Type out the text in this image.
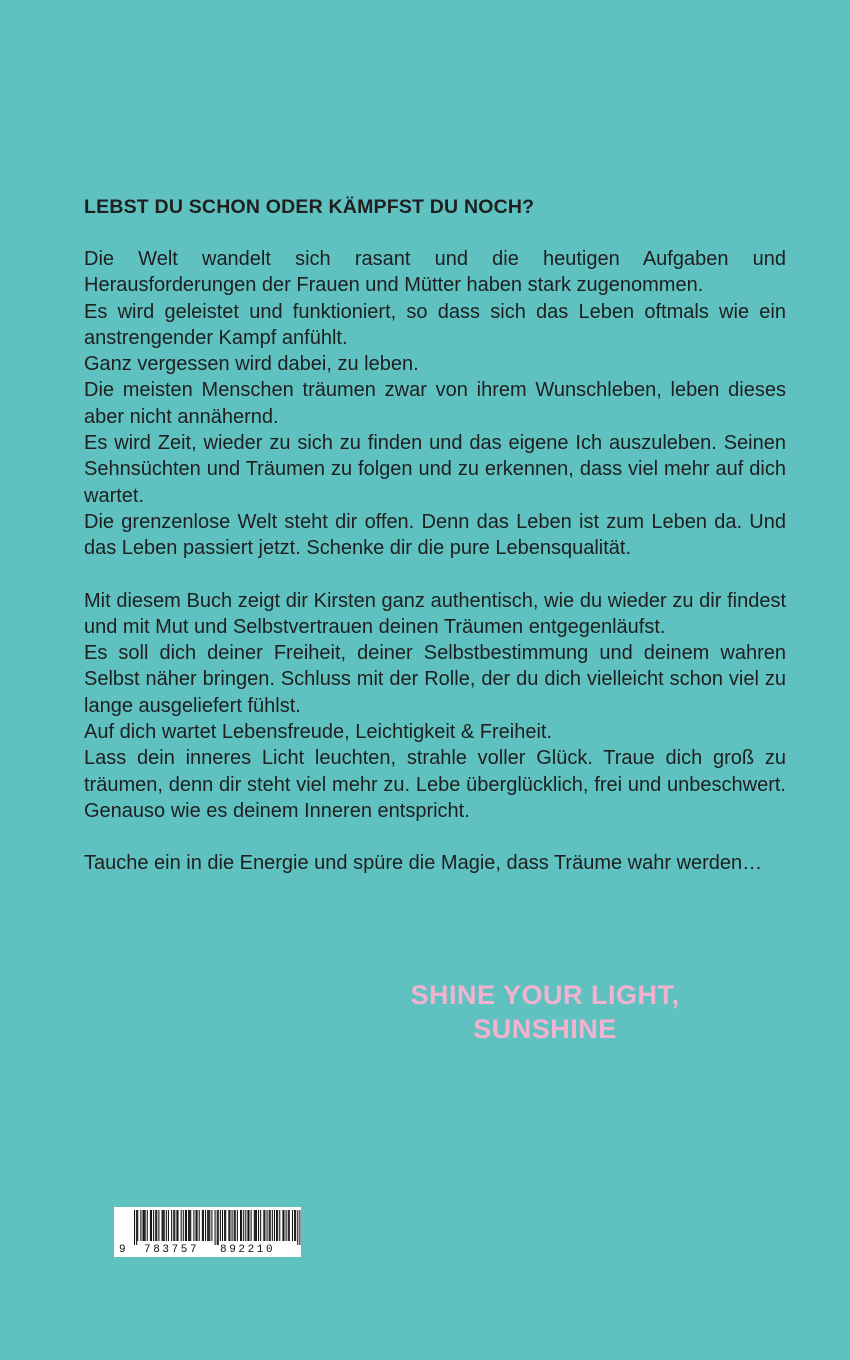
LEBST DU SCHON ODER KÄMPFST DU NOCH?
Die Welt wandelt sich rasant und die heutigen Aufgaben und Herausforderungen der Frauen und Mütter haben stark zugenommen.
Es wird geleistet und funktioniert, so dass sich das Leben oftmals wie ein anstrengender Kampf anfühlt.
Ganz vergessen wird dabei, zu leben.
Die meisten Menschen träumen zwar von ihrem Wunschleben, leben dieses aber nicht annähernd.
Es wird Zeit, wieder zu sich zu finden und das eigene Ich auszuleben. Seinen Sehnsüchten und Träumen zu folgen und zu erkennen, dass viel mehr auf dich wartet.
Die grenzenlose Welt steht dir offen. Denn das Leben ist zum Leben da. Und das Leben passiert jetzt. Schenke dir die pure Lebensqualität.
Mit diesem Buch zeigt dir Kirsten ganz authentisch, wie du wieder zu dir findest und mit Mut und Selbstvertrauen deinen Träumen entgegenläufst.
Es soll dich deiner Freiheit, deiner Selbstbestimmung und deinem wahren Selbst näher bringen. Schluss mit der Rolle, der du dich vielleicht schon viel zu lange ausgeliefert fühlst.
Auf dich wartet Lebensfreude, Leichtigkeit & Freiheit.
Lass dein inneres Licht leuchten, strahle voller Glück. Traue dich groß zu träumen, denn dir steht viel mehr zu. Lebe überglücklich, frei und unbeschwert. Genauso wie es deinem Inneren entspricht.
Tauche ein in die Energie und spüre die Magie, dass Träume wahr werden…
SHINE YOUR LIGHT,
SUNSHINE
9 783757 892210
